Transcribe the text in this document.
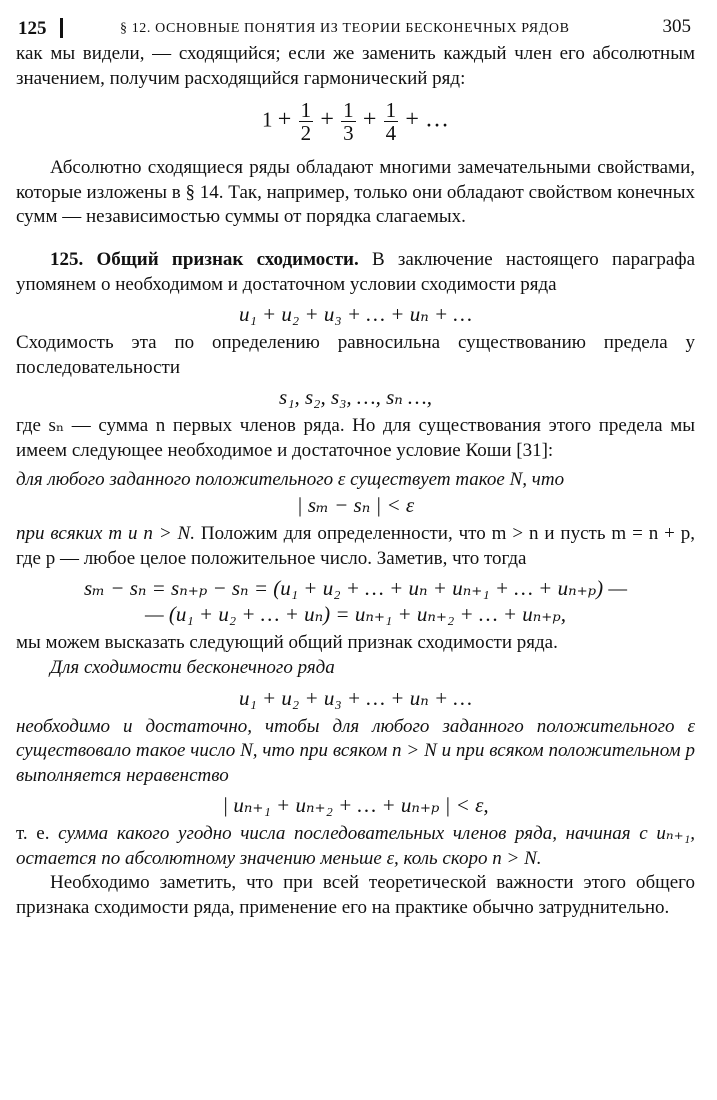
125	§ 12. ОСНОВНЫЕ ПОНЯТИЯ ИЗ ТЕОРИИ БЕСКОНЕЧНЫХ РЯДОВ	305

как мы видели, — сходящийся; если же заменить каждый член его абсолютным значением, получим расходящийся гармонический ряд:

$1 + \frac{1}{2} + \frac{1}{3} + \frac{1}{4}$ + …

Абсолютно сходящиеся ряды обладают многими замечательными свойствами, которые изложены в § 14. Так, например, только они обладают свойством конечных сумм — независимостью суммы от порядка слагаемых.

125. Общий признак сходимости. В заключение настоящего параграфа упомянем о необходимом и достаточном условии сходимости ряда

u₁ + u₂ + u₃ + … + uₙ + …

Сходимость эта по определению равносильна существованию предела у последовательности

s₁, s₂, s₃, …, sₙ …,

где sₙ — сумма n первых членов ряда. Но для существования этого предела мы имеем следующее необходимое и достаточное условие Коши [31]:

для любого заданного положительного ε существует такое N, что

| sₘ − sₙ | < ε

при всяких m и n > N. Положим для определенности, что m > n и пусть m = n + p, где p — любое целое положительное число. Заметив, что тогда

sₘ − sₙ = sₙ₊ₚ − sₙ = (u₁ + u₂ + … + uₙ + uₙ₊₁ + … + uₙ₊ₚ) —

— (u₁ + u₂ + … + uₙ) = uₙ₊₁ + uₙ₊₂ + … + uₙ₊ₚ,

мы можем высказать следующий общий признак сходимости ряда.

Для сходимости бесконечного ряда

u₁ + u₂ + u₃ + … + uₙ + …

необходимо и достаточно, чтобы для любого заданного положительного ε существовало такое число N, что при всяком n > N и при всяком положительном p выполняется неравенство

| uₙ₊₁ + uₙ₊₂ + … + uₙ₊ₚ | < ε,

т. е. сумма какого угодно числа последовательных членов ряда, начиная с uₙ₊₁, остается по абсолютному значению меньше ε, коль скоро n > N.

Необходимо заметить, что при всей теоретической важности этого общего признака сходимости ряда, применение его на практике обычно затруднительно.
